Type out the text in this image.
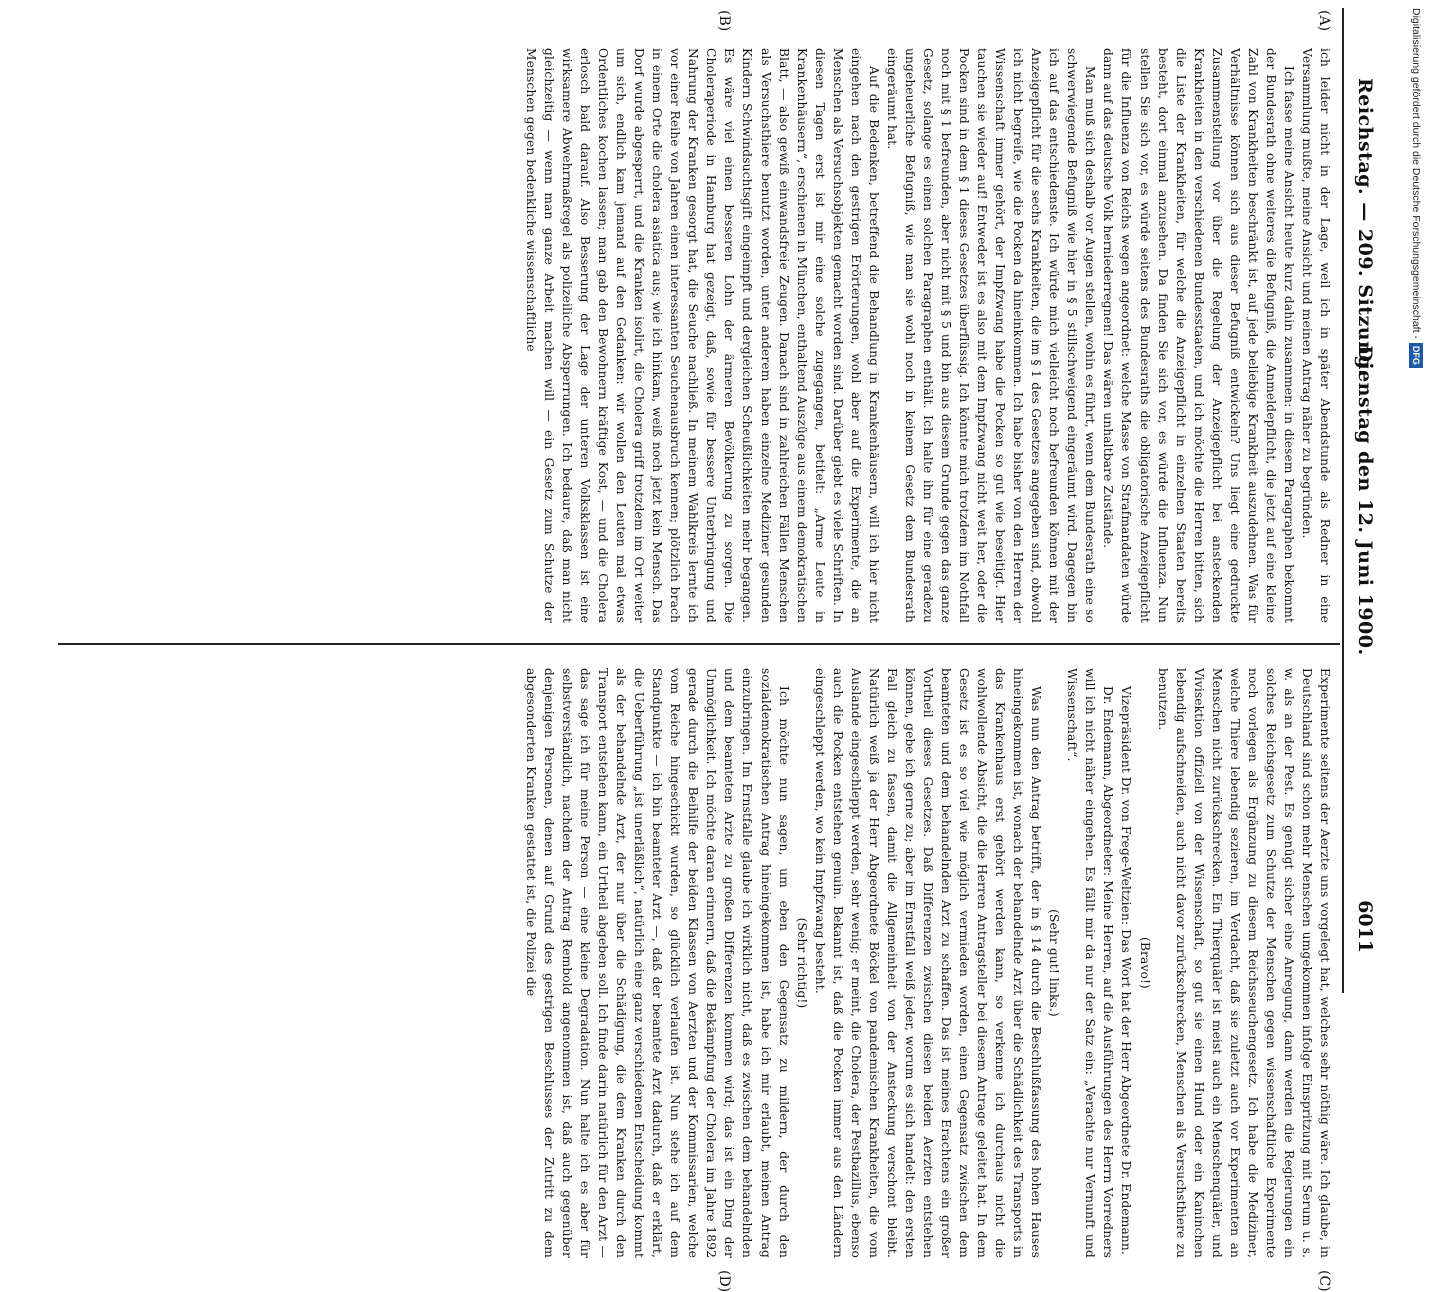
Reichstag. — 209. Sitzung.
Dienstag den 12. Juni 1900.
6011
(A)
(B)
(C)
(D)

ich leider nicht in der Lage, weil ich in später Abendstunde als Redner in eine Versammlung mußte, meine Ansicht und meinen Antrag näher zu begründen.

Ich fasse meine Ansicht heute kurz dahin zusammen: in diesem Paragraphen bekommt der Bundesrath ohne weiteres die Befugniß, die Anmeldepflicht, die jetzt auf eine kleine Zahl von Krankheiten beschränkt ist, auf jede beliebige Krankheit auszudehnen. Was für Verhältnisse können sich aus dieser Befugniß entwickeln? Uns liegt eine gedruckte Zusammenstellung vor über die Regelung der Anzeigepflicht bei ansteckenden Krankheiten in den verschiedenen Bundesstaaten, und ich möchte die Herren bitten, sich die Liste der Krankheiten, für welche die Anzeigepflicht in einzelnen Staaten bereits besteht, dort einmal anzusehen. Da finden Sie sich vor, es würde die Influenza. Nun stellen Sie sich vor, es würde seitens des Bundesraths die obligatorische Anzeigepflicht für die Influenza von Reichs wegen angeordnet: welche Masse von Strafmandaten würde dann auf das deutsche Volk herniederregnen! Das wären unhaltbare Zustände.

Man muß sich deshalb vor Augen stellen, wohin es führt, wenn dem Bundesrath eine so schwerwiegende Befugniß wie hier in § 5 stillschweigend eingeräumt wird. Dagegen bin ich auf das entschiedenste. Ich würde mich vielleicht noch befreunden können mit der Anzeigepflicht für die sechs Krankheiten, die im § 1 des Gesetzes angegeben sind, obwohl ich nicht begreife, wie die Pocken da hineinkommen. Ich habe bisher von den Herren der Wissenschaft immer gehört, der Impfzwang habe die Pocken so gut wie beseitigt. Hier tauchen sie wieder auf! Entweder ist es also mit dem Impfzwang nicht weit her, oder die Pocken sind in dem § 1 dieses Gesetzes überflüssig. Ich könnte mich trotzdem im Nothfall noch mit § 1 befreunden, aber nicht mit § 5 und bin aus diesem Grunde gegen das ganze Gesetz, solange es einen solchen Paragraphen enthält. Ich halte ihn für eine geradezu ungeheuerliche Befugniß, wie man sie wohl noch in keinem Gesetz dem Bundesrath eingeräumt hat.

Auf die Bedenken, betreffend die Behandlung in Krankenhäusern, will ich hier nicht eingehen nach den gestrigen Erörterungen, wohl aber auf die Experimente, die an Menschen als Versuchsobjekten gemacht worden sind. Darüber giebt es viele Schriften. In diesen Tagen erst ist mir eine solche zugegangen, betitelt: „Arme Leute in Krankenhäusern“, erschienen in München, enthaltend Auszüge aus einem demokratischen Blatt, — also gewiß einwandsfreie Zeugen. Danach sind in zahlreichen Fällen Menschen als Versuchsthiere benutzt worden, unter anderem haben einzelne Mediziner gesunden Kindern Schwindsuchtsgift eingeimpft und dergleichen Scheußlichkeiten mehr begangen. Es wäre viel einen besseren Lohn der ärmeren Bevölkerung zu sorgen. Die Choleraperiode in Hamburg hat gezeigt, daß, sowie für bessere Unterbringung und Nahrung der Kranken gesorgt hat, die Seuche nachließ. In meinem Wahlkreis lernte ich vor einer Reihe von Jahren einen interessanten Seuchenausbruch kennen; plötzlich brach in einem Orte die cholera asiatica aus; wie ich hinkam, weiß noch jetzt kein Mensch. Das Dorf wurde abgesperrt, und die Kranken isolirt, die Cholera griff trotzdem im Ort weiter um sich, endlich kam jemand auf den Gedanken: wir wollen den Leuten mal etwas Ordentliches kochen lassen; man gab den Bewohnern kräftige Kost, — und die Cholera erlosch bald darauf. Also Besserung der Lage der unteren Volksklassen ist eine wirksamere Abwehrmaßregel als polizeiliche Absperrungen. Ich bedaure, daß man nicht gleichzeitig — wenn man ganze Arbeit machen will — ein Gesetz zum Schutze der Menschen gegen bedenkliche wissenschaftliche

Experimente seitens der Aerzte uns vorgelegt hat, welches sehr nöthig wäre. Ich glaube, in Deutschland sind schon mehr Menschen umgekommen infolge Einspritzung mit Serum u. s. w. als an der Pest. Es genügt sicher eine Anregung, dann werden die Regierungen ein solches Reichsgesetz zum Schutze der Menschen gegen wissenschaftliche Experimente noch vorlegen als Ergänzung zu diesem Reichsseuchengesetz. Ich habe die Mediziner, welche Thiere lebendig sezieren, im Verdacht, daß sie zuletzt auch vor Experimenten an Menschen nicht zurückschrecken. Ein Thierquäler ist meist auch ein Menschenquäler, und Vivisektion offiziell von der Wissenschaft, so gut sie einen Hund oder ein Kaninchen lebendig aufschneiden, auch nicht davor zurückschrecken, Menschen als Versuchsthiere zu benutzen.

(Bravo!)

Vizepräsident Dr. von Frege-Weltzien: Das Wort hat der Herr Abgeordnete Dr. Endemann.

Dr. Endemann, Abgeordneter: Meine Herren, auf die Ausführungen des Herrn Vorredners will ich nicht näher eingehen. Es fällt mir da nur der Satz ein: „Verachte nur Vernunft und Wissenschaft“.

(Sehr gut! links.)

Was nun den Antrag betrifft, der in § 14 durch die Beschlußfassung des hohen Hauses hineingekommen ist, wonach der behandelnde Arzt über die Schädlichkeit des Transports in das Krankenhaus erst gehört werden kann, so verkenne ich durchaus nicht die wohlwollende Absicht, die die Herren Antragsteller bei diesem Antrage geleitet hat. In dem Gesetz ist es so viel wie möglich vermieden worden, einen Gegensatz zwischen dem beamteten und dem behandelnden Arzt zu schaffen. Das ist meines Erachtens ein großer Vortheil dieses Gesetzes. Daß Differenzen zwischen diesen beiden Aerzten entstehen können, gebe ich gerne zu; aber im Ernstfall weiß jeder, worum es sich handelt: den ersten Fall gleich zu fassen, damit die Allgemeinheit von der Ansteckung verschont bleibt. Natürlich weiß ja der Herr Abgeordnete Böckel von pandemischen Krankheiten, die vom Auslande eingeschleppt werden, sehr wenig; er meint, die Cholera, der Pestbazillus, ebenso auch die Pocken entstehen genuin. Bekannt ist, daß die Pocken immer aus den Ländern eingeschleppt werden, wo kein Impfzwang besteht.

(Sehr richtig!)

Ich möchte nun sagen, um eben den Gegensatz zu mildern, der durch den sozialdemokratischen Antrag hineingekommen ist, habe ich mir erlaubt, meinen Antrag einzubringen. Im Ernstfalle glaube ich wirklich nicht, daß es zwischen dem behandelnden und dem beamteten Arzte zu großen Differenzen kommen wird; das ist ein Ding der Unmöglichkeit. Ich möchte daran erinnern, daß die Bekämpfung der Cholera im Jahre 1892 gerade durch die Beihilfe der beiden Klassen von Aerzten und der Kommissarien, welche vom Reiche hingeschickt wurden, so glücklich verlaufen ist. Nun stehe ich auf dem Standpunkte — ich bin beamteter Arzt —, daß der beamtete Arzt dadurch, daß er erklärt, die Ueberführung „ist unerläßlich“, natürlich eine ganz verschiedenen Entscheidung kommt als der behandelnde Arzt, der nur über die Schädigung, die dem Kranken durch den Transport entstehen kann, ein Urtheil abgeben soll. Ich finde darin natürlich für den Arzt — das sage ich für meine Person — eine kleine Degradation. Nun halte ich es aber für selbstverständlich, nachdem der Antrag Rembold angenommen ist, daß auch gegenüber denjenigen Personen, denen auf Grund des gestrigen Beschlusses der Zutritt zu dem abgesonderten Kranken gestattet ist, die Polizei die

Digitalisierung gefördert durch die Deutsche Forschungsgemeinschaft -DFG
